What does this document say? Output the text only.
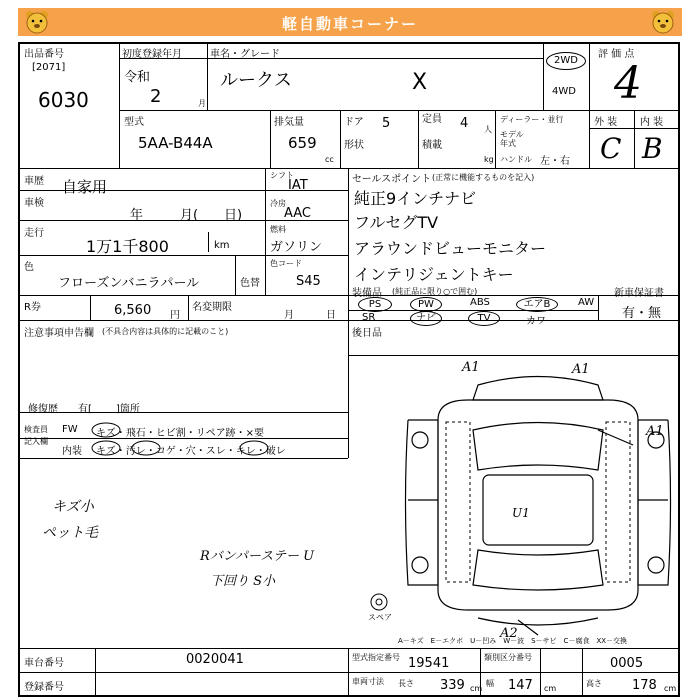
軽自動車コーナー
出品番号
[2071]
6030
初度登録年月
令和
2	月
車名・グレード
ルークス	X
2WD
4WD
評 価 点
4
外 装 内 装
C B
型式
5AA-B44A
排気量
659
cc
ドア 5
形状
定員 4 人
積載
kg
ディーラー・並行
モデル 年式
ハンドル 左・右
車歴 自家用
車検
年	月( 日)
走行
1万1千800	km
色
フローズンバニラパール	色替
シフト
IAT
冷房
AAC
燃料
ガソリン
色コード
S45
R券	6,560 円
名変期限
月	日
注意事項申告欄 (不具合内容は具体的に記載のこと)
修復歴 有[ ]箇所
セールスポイント (正常に機能するものを記入)
純正9インチナビ
フルセグTV
アラウンドビューモニター
インテリジェントキー
装備品 (純正品に限り○で囲む)
PS	PW	ABS	エアB	AW
SR	ナビ	TV	カワ
新車保証書
有・無
後日品
検査員
記入欄
FW キズ・飛石・ヒビ割・リペア跡・×要
内装 キズ・汚レ・コゲ・穴・スレ・キレ・破レ
キズ小
ペット毛
Rバンパーステー U
下回り S小
スペア
A1	A1
A1
U1
A2
A－キズ　E－エクボ　U－凹み　W－波　S－サビ　C－腐食　XX－交換
車台番号	0020041
登録番号
型式指定番号 19541	類別区分番号	0005
車両寸法 長さ 339 cm
幅 147 cm
高さ 178 cm
